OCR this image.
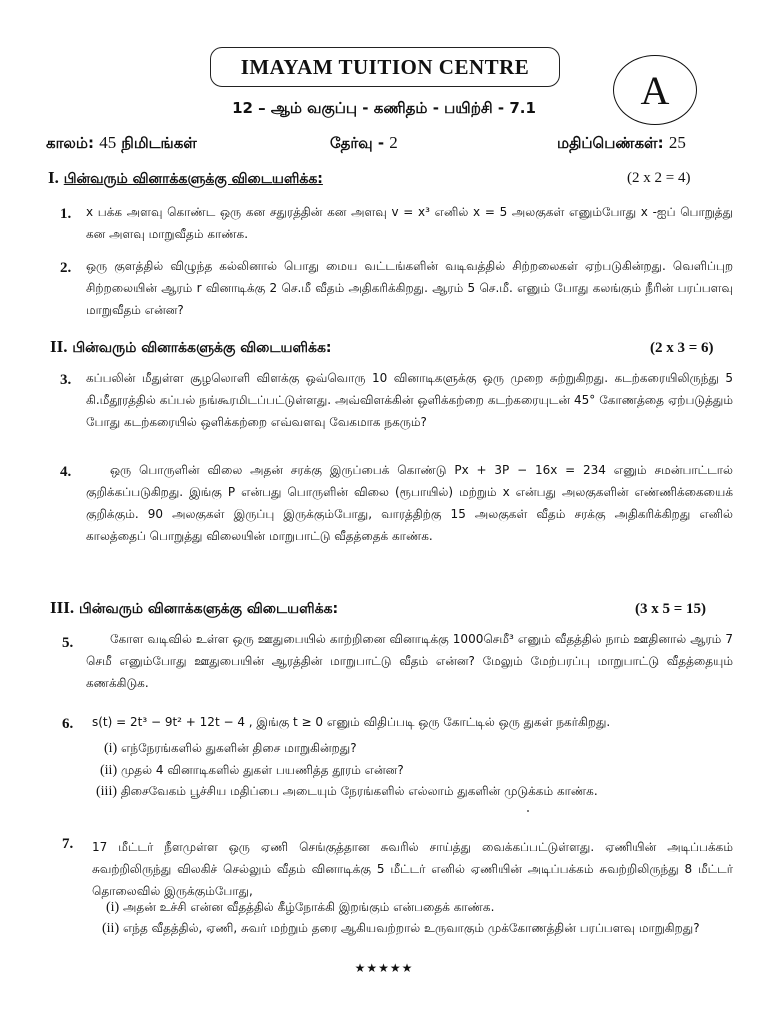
IMAYAM TUITION CENTRE
A
12 – ஆம் வகுப்பு - கணிதம் - பயிற்சி - 7.1
காலம்: 45 நிமிடங்கள்	தேர்வு - 2	மதிப்பெண்கள்: 25
I. பின்வரும் வினாக்களுக்கு விடையளிக்க:	(2 x 2 = 4)
1. x பக்க அளவு கொண்ட ஒரு கன சதுரத்தின் கன அளவு v = x³ எனில் x = 5 அலகுகள் எனும்போது x -ஐப் பொறுத்து கன அளவு மாறுவீதம் காண்க.
2. ஒரு குளத்தில் விழுந்த கல்லினால் பொது மைய வட்டங்களின் வடிவத்தில் சிற்றலைகள் ஏற்படுகின்றது. வெளிப்புற சிற்றலையின் ஆரம் r வினாடிக்கு 2 செ.மீ வீதம் அதிகரிக்கிறது. ஆரம் 5 செ.மீ. எனும் போது கலங்கும் நீரின் பரப்பளவு மாறுவீதம் என்ன?
II. பின்வரும் வினாக்களுக்கு விடையளிக்க:	(2 x 3 = 6)
3. கப்பலின் மீதுள்ள சூழலொளி விளக்கு ஒவ்வொரு 10 வினாடிகளுக்கு ஒரு முறை சுற்றுகிறது. கடற்கரையிலிருந்து 5 கி.மீதூரத்தில் கப்பல் நங்கூரமிடப்பட்டுள்ளது. அவ்விளக்கின் ஒளிக்கற்றை கடற்கரையுடன் 45° கோணத்தை ஏற்படுத்தும் போது கடற்கரையில் ஒளிக்கற்றை எவ்வளவு வேகமாக நகரும்?
4.	ஒரு பொருளின் விலை அதன் சரக்கு இருப்பைக் கொண்டு Px + 3P − 16x = 234 எனும் சமன்பாட்டால் குறிக்கப்படுகிறது. இங்கு P என்பது பொருளின் விலை (ரூபாயில்) மற்றும் x என்பது அலகுகளின் எண்ணிக்கையைக் குறிக்கும். 90 அலகுகள் இருப்பு இருக்கும்போது, வாரத்திற்கு 15 அலகுகள் வீதம் சரக்கு அதிகரிக்கிறது எனில் காலத்தைப் பொறுத்து விலையின் மாறுபாட்டு வீதத்தைக் காண்க.
III. பின்வரும் வினாக்களுக்கு விடையளிக்க:	(3 x 5 = 15)
5.	கோள வடிவில் உள்ள ஒரு ஊதுபையில் காற்றினை வினாடிக்கு 1000செமீ³ எனும் வீதத்தில் நாம் ஊதினால் ஆரம் 7 செமீ எனும்போது ஊதுபையின் ஆரத்தின் மாறுபாட்டு வீதம் என்ன? மேலும் மேற்பரப்பு மாறுபாட்டு வீதத்தையும் கணக்கிடுக.
6. s(t) = 2t³ − 9t² + 12t − 4 , இங்கு t ≥ 0 எனும் விதிப்படி ஒரு கோட்டில் ஒரு துகள் நகர்கிறது.
(i) எந்நேரங்களில் துகளின் திசை மாறுகின்றது?
(ii) முதல் 4 வினாடிகளில் துகள் பயணித்த தூரம் என்ன?
(iii) திசைவேகம் பூச்சிய மதிப்பை அடையும் நேரங்களில் எல்லாம் துகளின் முடுக்கம் காண்க.
7. 17 மீட்டர் நீளமுள்ள ஒரு ஏணி செங்குத்தான சுவரில் சாய்த்து வைக்கப்பட்டுள்ளது. ஏணியின் அடிப்பக்கம் சுவற்றிலிருந்து விலகிச் செல்லும் வீதம் வினாடிக்கு 5 மீட்டர் எனில் ஏணியின் அடிப்பக்கம் சுவற்றிலிருந்து 8 மீட்டர் தொலைவில் இருக்கும்போது,
(i) அதன் உச்சி என்ன வீதத்தில் கீழ்நோக்கி இறங்கும் என்பதைக் காண்க.
(ii) எந்த வீதத்தில், ஏணி, சுவர் மற்றும் தரை ஆகியவற்றால் உருவாகும் முக்கோணத்தின் பரப்பளவு மாறுகிறது?
★★★★★
